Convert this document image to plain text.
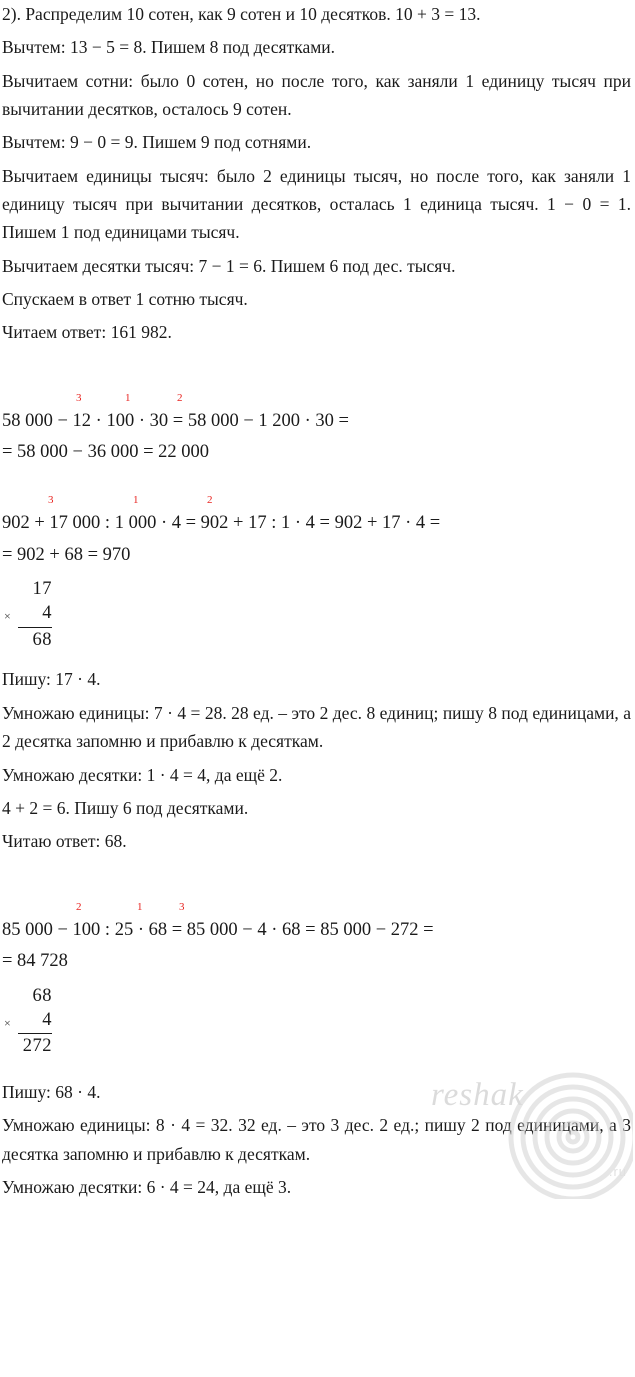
2). Распределим 10 сотен, как 9 сотен и 10 десятков. 10 + 3 = 13.

Вычтем: 13 − 5 = 8. Пишем 8 под десятками.

Вычитаем сотни: было 0 сотен, но после того, как заняли 1 единицу тысяч при вычитании десятков, осталось 9 сотен.

Вычтем: 9 − 0 = 9. Пишем 9 под сотнями.

Вычитаем единицы тысяч: было 2 единицы тысяч, но после того, как заняли 1 единицу тысяч при вычитании десятков, осталась 1 единица тысяч. 1 − 0 = 1. Пишем 1 под единицами тысяч.

Вычитаем десятки тысяч: 7 − 1 = 6. Пишем 6 под дес. тысяч.

Спускаем в ответ 1 сотню тысяч.

Читаем ответ: 161 982.

3	1	2
58 000 − 12 · 100 · 30 = 58 000 − 1 200 · 30 =
= 58 000 − 36 000 = 22 000
3	1	2
902 + 17 000 : 1 000 · 4 = 902 + 17 : 1 · 4 = 902 + 17 · 4 =
= 902 + 68 = 970
17
×	4
68

Пишу: 17 · 4.

Умножаю единицы: 7 · 4 = 28. 28 ед. – это 2 дес. 8 единиц; пишу 8 под единицами, а 2 десятка запомню и прибавлю к десяткам.

Умножаю десятки: 1 · 4 = 4, да ещё 2.

4 + 2 = 6. Пишу 6 под десятками.

Читаю ответ: 68.

2	1	3
85 000 − 100 : 25 · 68 = 85 000 − 4 · 68 = 85 000 − 272 =
= 84 728
68
×	4
272

Пишу: 68 · 4.

Умножаю единицы: 8 · 4 = 32. 32 ед. – это 3 дес. 2 ед.; пишу 2 под единицами, а 3 десятка запомню и прибавлю к десяткам.

Умножаю десятки: 6 · 4 = 24, да ещё 3.

reshak
.ru
